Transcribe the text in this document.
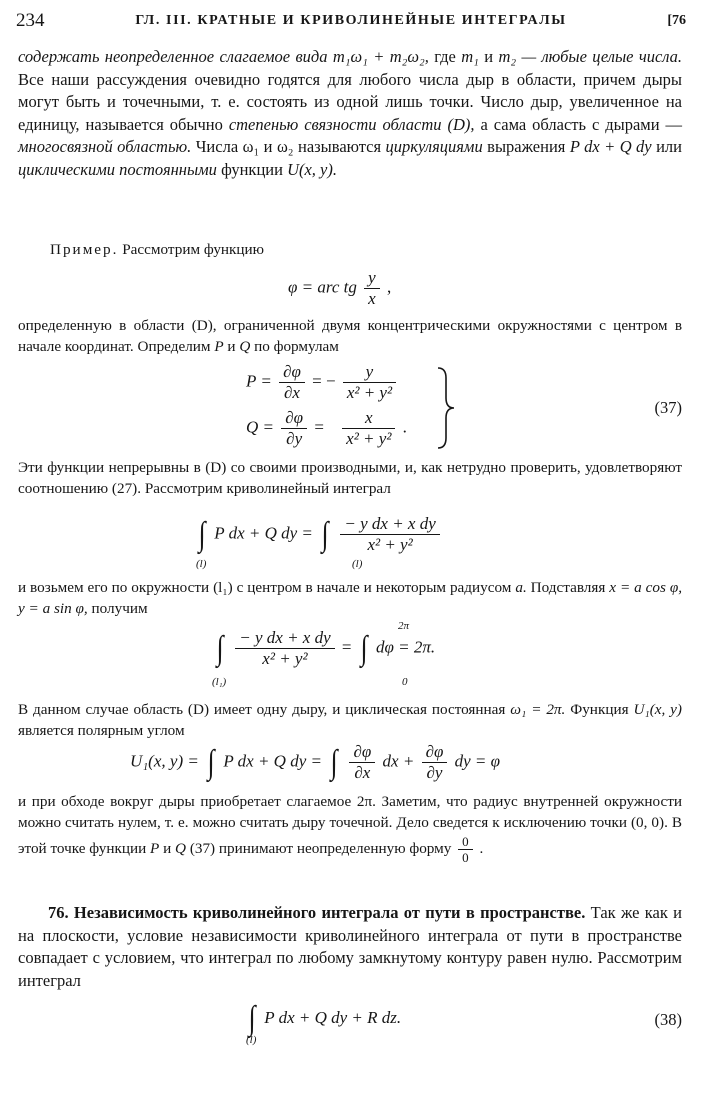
234	ГЛ. III. КРАТНЫЕ И КРИВОЛИНЕЙНЫЕ ИНТЕГРАЛЫ	[76
содержать неопределенное слагаемое вида m₁ω₁ + m₂ω₂, где m₁ и m₂ — любые целые числа. Все наши рассуждения очевидно годятся для любого числа дыр в области, причем дыры могут быть и точечными, т. е. состоять из одной лишь точки. Число дыр, увеличенное на единицу, называется обычно степенью связности области (D), а сама область с дырами — многосвязной областью. Числа ω₁ и ω₂ называются циркуляциями выражения P dx + Q dy или циклическими постоянными функции U(x, y).
Пример. Рассмотрим функцию
φ = arc tg $\frac{y}{x}$ ,
определенную в области (D), ограниченной двумя концентрическими окружностями с центром в начале координат. Определим P и Q по формулам
$P = \frac{\partial\varphi}{\partial x}$ = − $\frac{y}{\text{x² + y²}}$
$Q = \frac{\partial\varphi}{\partial y} = \frac{x}{\text{x² + y²}}$ .
(37)
Эти функции непрерывны в (D) со своими производными, и, как нетрудно проверить, удовлетворяют соотношению (27). Рассмотрим криволинейный интеграл
∫
(l)
P dx + Q dy = ∫
(l)
$\frac{\text{− y dx + x dy}}{\text{x² + y²}}$
и возьмем его по окружности (l₁) с центром в начале и некоторым радиусом a. Подставляя x = a cos φ, y = a sin φ, получим
∫
(l₁)
$\frac{\text{− y dx + x dy}}{\text{x² + y²}}$ = ∫
2π
0
dφ = 2π.
В данном случае область (D) имеет одну дыру, и циклическая постоянная ω₁ = 2π. Функция U₁(x, y) является полярным углом
U₁(x, y) = ∫ P dx + Q dy = ∫ $\frac{\partial\varphi}{\partial x}$ dx + $\frac{\partial\varphi}{\partial y}$ dy = φ
и при обходе вокруг дыры приобретает слагаемое 2π. Заметим, что радиус внутренней окружности можно считать нулем, т. е. можно считать дыру точечной. Дело сведется к исключению точки (0, 0). В этой точке функции P и Q (37) принимают неопределенную форму $\frac{0}{0}$ .
76. Независимость криволинейного интеграла от пути в пространстве. Так же как и на плоскости, условие независимости криволинейного интеграла от пути в пространстве совпадает с условием, что интеграл по любому замкнутому контуру равен нулю. Рассмотрим интеграл
∫
(l)
P dx + Q dy + R dz.	(38)
